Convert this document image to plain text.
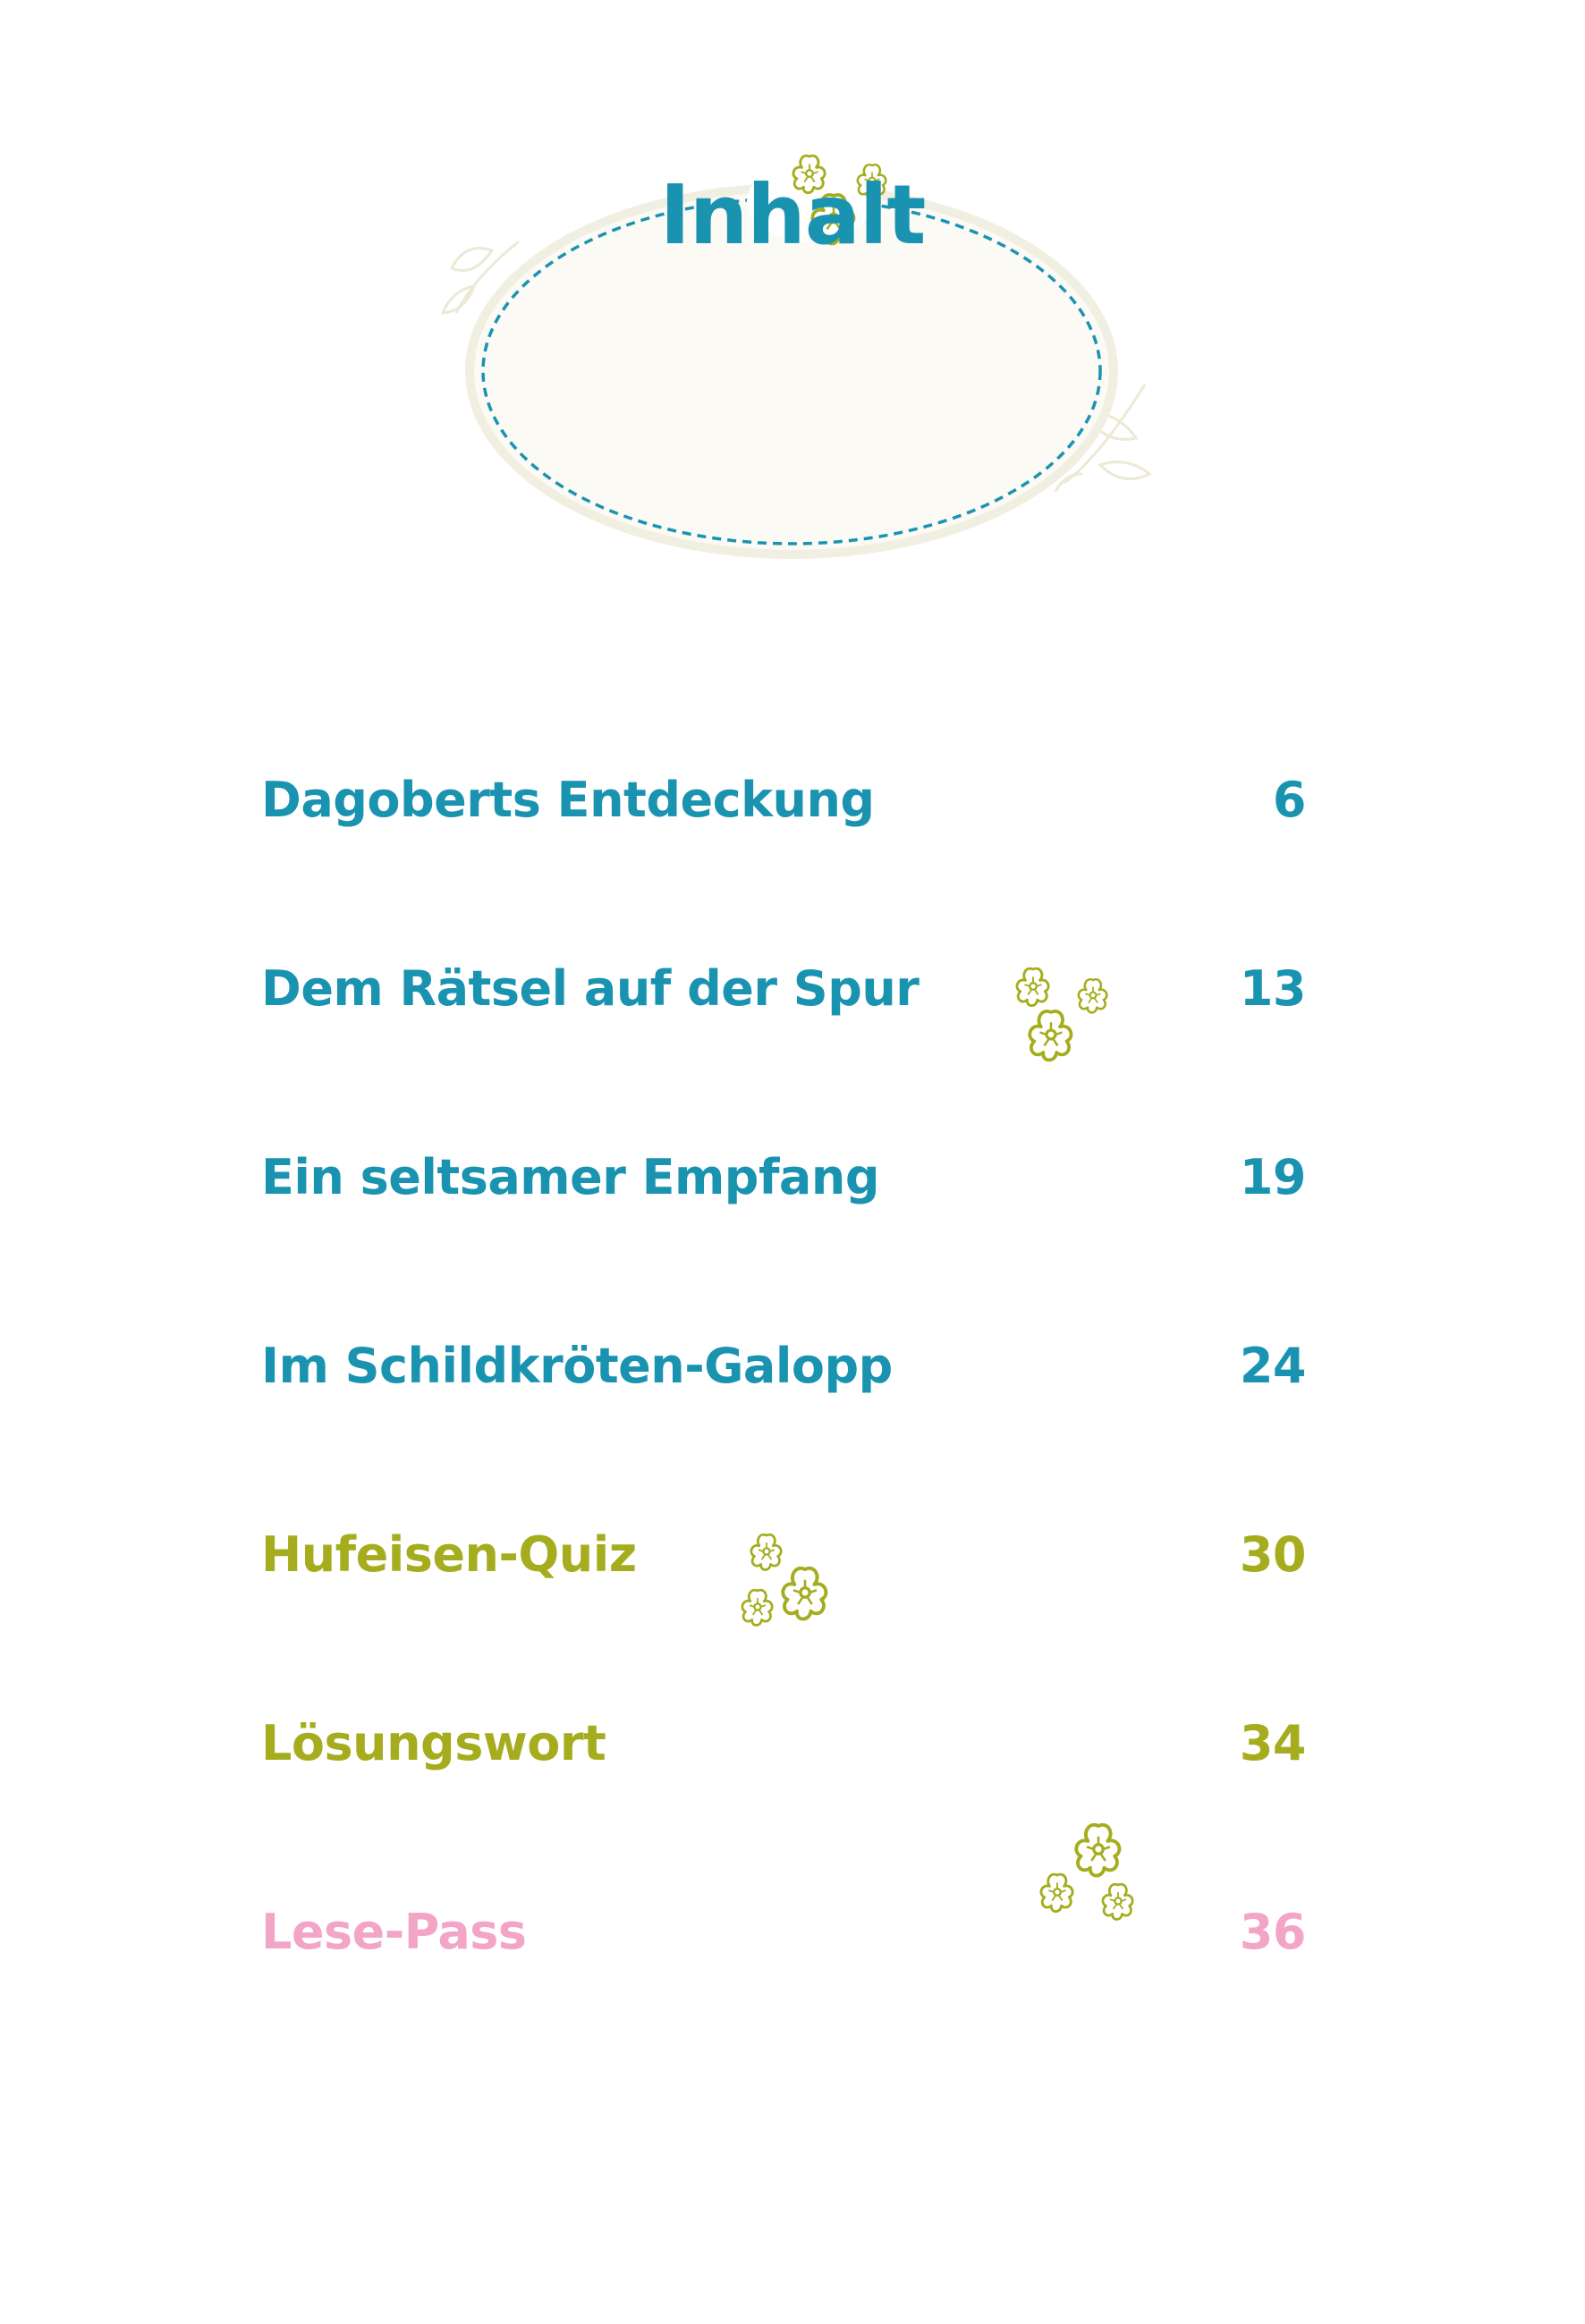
Inhalt
Dagoberts Entdeckung	6
Dem Rätsel auf der Spur	13
Ein seltsamer Empfang	19
Im Schildkröten-Galopp	24
Hufeisen-Quiz	30
Lösungswort	34
Lese-Pass	36
